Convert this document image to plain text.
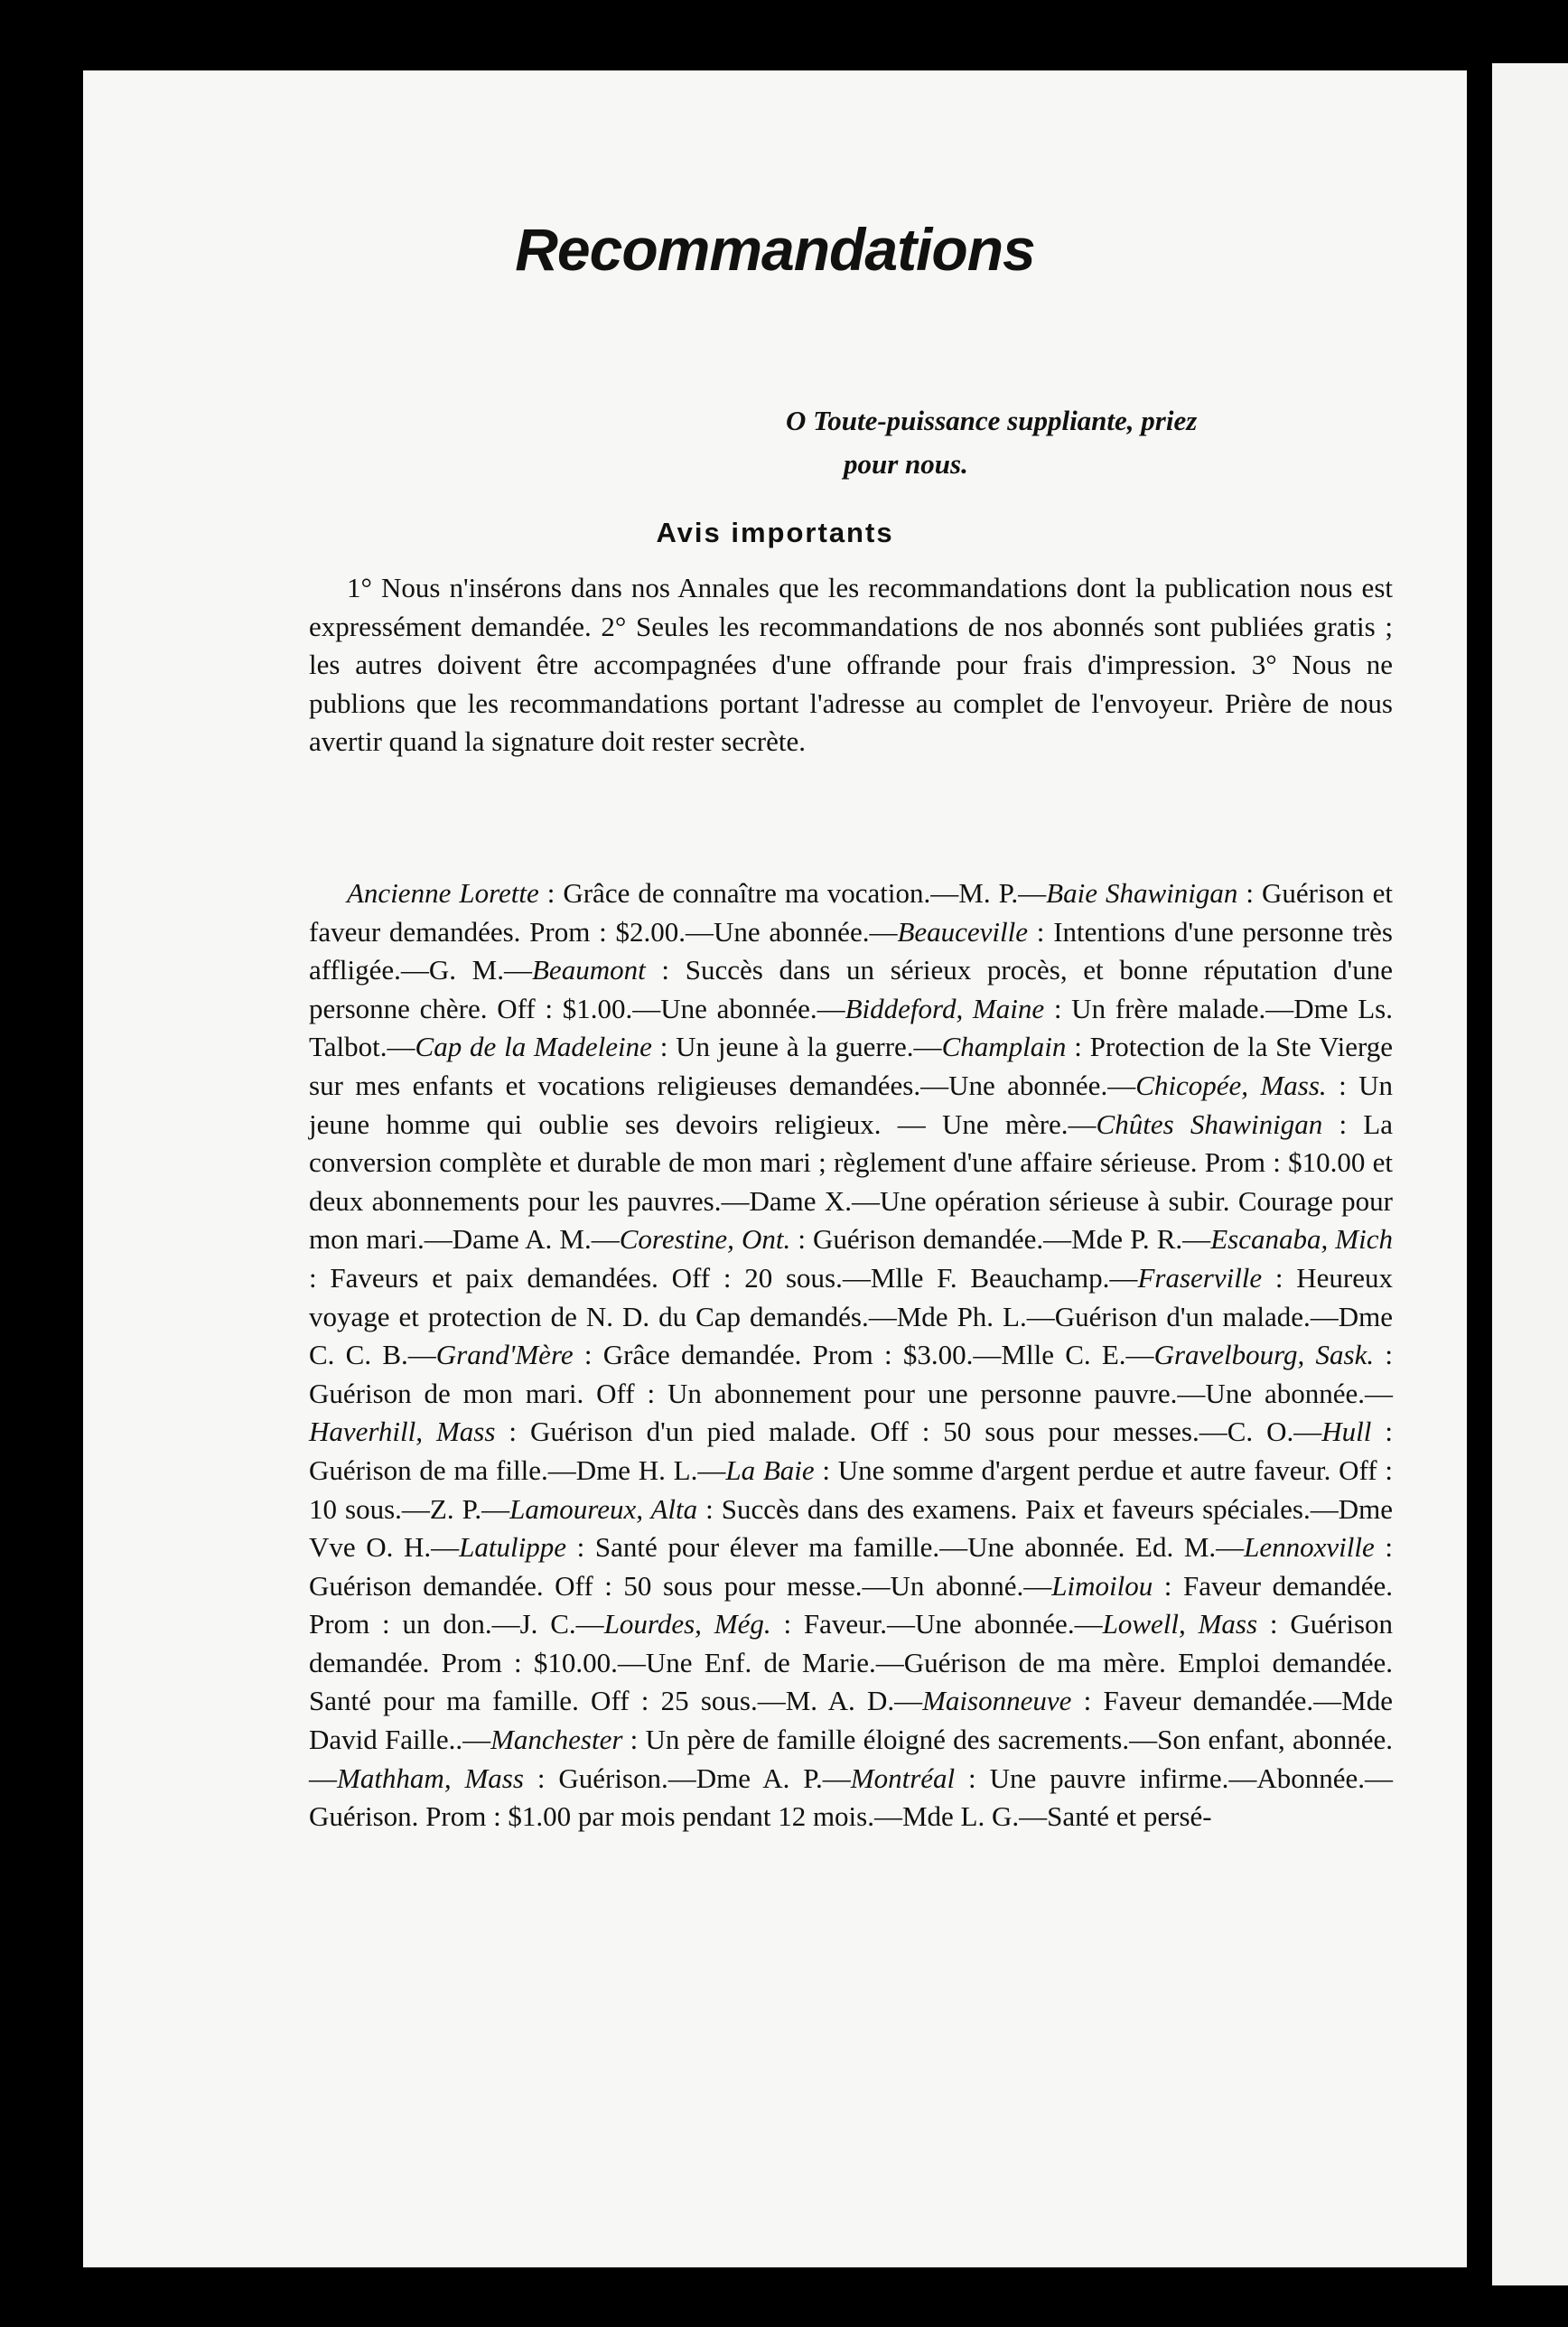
Recommandations
O Toute-puissance suppliante, priez
pour nous.
Avis importants

1° Nous n'insérons dans nos Annales que les recommandations dont la publication nous est expressément demandée. 2° Seules les recommandations de nos abonnés sont publiées gratis ; les autres doivent être accompagnées d'une offrande pour frais d'impression. 3° Nous ne publions que les recommandations portant l'adresse au complet de l'envoyeur. Prière de nous avertir quand la signature doit rester secrète.

Ancienne Lorette : Grâce de connaître ma vocation.—M. P.—Baie Shawinigan : Guérison et faveur demandées. Prom : $2.00.—Une abonnée.—Beauceville : Intentions d'une personne très affligée.—G. M.—Beaumont : Succès dans un sérieux procès, et bonne réputation d'une personne chère. Off : $1.00.—Une abonnée.—Biddeford, Maine : Un frère malade.—Dme Ls. Talbot.—Cap de la Madeleine : Un jeune à la guerre.—Champlain : Protection de la Ste Vierge sur mes enfants et vocations religieuses demandées.—Une abonnée.—Chicopée, Mass. : Un jeune homme qui oublie ses devoirs religieux. — Une mère.—Chûtes Shawinigan : La conversion complète et durable de mon mari ; règlement d'une affaire sérieuse. Prom : $10.00 et deux abonnements pour les pauvres.—Dame X.—Une opération sérieuse à subir. Courage pour mon mari.—Dame A. M.—Corestine, Ont. : Guérison demandée.—Mde P. R.—Escanaba, Mich : Faveurs et paix demandées. Off : 20 sous.—Mlle F. Beauchamp.—Fraserville : Heureux voyage et protection de N. D. du Cap demandés.—Mde Ph. L.—Guérison d'un malade.—Dme C. C. B.—Grand'Mère : Grâce demandée. Prom : $3.00.—Mlle C. E.—Gravelbourg, Sask. : Guérison de mon mari. Off : Un abonnement pour une personne pauvre.—Une abonnée.—Haverhill, Mass : Guérison d'un pied malade. Off : 50 sous pour messes.—C. O.—Hull : Guérison de ma fille.—Dme H. L.—La Baie : Une somme d'argent perdue et autre faveur. Off : 10 sous.—Z. P.—Lamoureux, Alta : Succès dans des examens. Paix et faveurs spéciales.—Dme Vve O. H.—Latulippe : Santé pour élever ma famille.—Une abonnée. Ed. M.—Lennoxville : Guérison demandée. Off : 50 sous pour messe.—Un abonné.—Limoilou : Faveur demandée. Prom : un don.—J. C.—Lourdes, Még. : Faveur.—Une abonnée.—Lowell, Mass : Guérison demandée. Prom : $10.00.—Une Enf. de Marie.—Guérison de ma mère. Emploi demandée. Santé pour ma famille. Off : 25 sous.—M. A. D.—Maisonneuve : Faveur demandée.—Mde David Faille..—Manchester : Un père de famille éloigné des sacrements.—Son enfant, abonnée.—Mathham, Mass : Guérison.—Dme A. P.—Montréal : Une pauvre infirme.—Abonnée.—Guérison. Prom : $1.00 par mois pendant 12 mois.—Mde L. G.—Santé et persé-
